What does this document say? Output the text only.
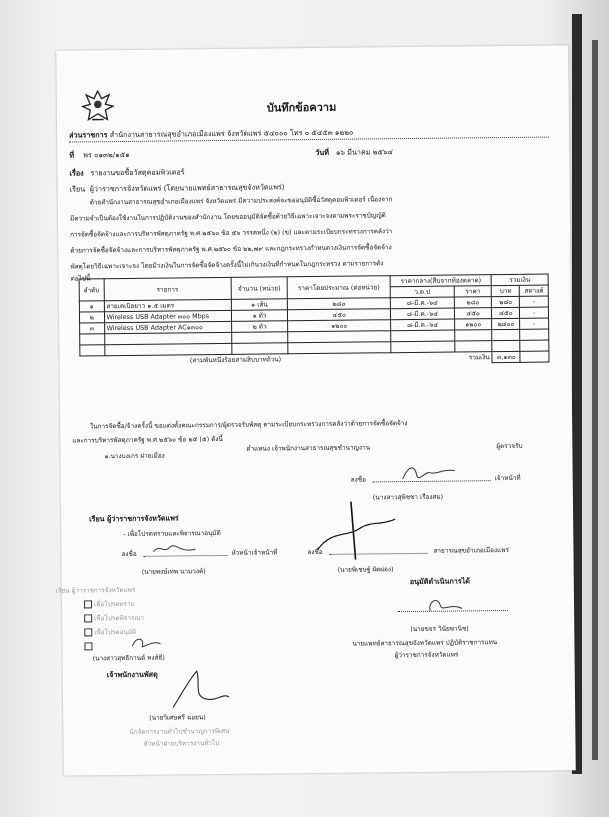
บันทึกข้อความ
ส่วนราชการ สำนักงานสาธารณสุขอำเภอเมืองแพร่ จังหวัดแพร่ ๕๔๐๐๐ โทร ๐ ๕๔๕๓ ๑๒๒๐
ที่ พร ๐๑๓๒/๑๕๑	วันที่ ๑๖ มีนาคม ๒๕๖๔
เรื่อง รายงานขอซื้อวัสดุคอมพิวเตอร์
เรียน ผู้ว่าราชการจังหวัดแพร่ (โดยนายแพทย์สาธารณสุขจังหวัดแพร่)
ด้วยสำนักงานสาธารณสุขอำเภอเมืองแพร่ จังหวัดแพร่ มีความประสงค์จะขออนุมัติซื้อวัสดุคอมพิวเตอร์ เนื่องจาก
มีความจำเป็นต้องใช้งานในการปฏิบัติงานของสำนักงาน โดยขออนุมัติจัดซื้อด้วยวิธีเฉพาะเจาะจงตามพระราชบัญญัติ
การจัดซื้อจัดจ้างและการบริหารพัสดุภาครัฐ พ.ศ.๒๕๖๐ ข้อ ๕๖ วรรคหนึ่ง (๒) (ข) และตามระเบียบกระทรวงการคลังว่า
ด้วยการจัดซื้อจัดจ้างและการบริหารพัสดุภาครัฐ พ.ศ.๒๕๖๐ ข้อ ๒๒,๗๙ และกฎกระทรวงกำหนดวงเงินการจัดซื้อจัดจ้าง
พัสดุโดยวิธีเฉพาะเจาะจง โดยมีวงเงินในการจัดซื้อจัดจ้างครั้งนี้ไม่เกินวงเงินที่กำหนดในกฎกระทรวง ตามรายการดัง
ต่อไปนี้
ลำดับ	รายการ	จำนวน (หน่วย)	ราคาโดยประมาณ (ต่อหน่วย)	ราคากลาง(สืบจากท้องตลาด)		รวมเงิน	
				ว.ด.ป	ราคา	บาท	สตางค์
๑	สายเคเบิลยาว ๑.๕ เมตร	๑ เส้น	๒๘๐	๘-มี.ค.-๖๔	๒๘๐	๒๘๐	-
๒	Wireless USB Adapter ๓๐๐ Mbps	๑ ตัว	๔๕๐	๘-มี.ค.-๖๔	๔๕๐	๔๕๐	-
๓	Wireless USB Adapter AC๑๓๐๐	๒ ตัว	๑๒๐๐	๘-มี.ค.-๖๔	๑๒๐๐	๒๔๐๐	-

(สามพันหนึ่งร้อยสามสิบบาทถ้วน)				รวมเงิน		๓,๑๓๐	
ในการจัดซื้อ/จ้างครั้งนี้ ขอแต่งตั้งคณะกรรมการ/ผู้ตรวจรับพัสดุ ตามระเบียบกระทรวงการคลังว่าด้วยการจัดซื้อจัดจ้าง
และการบริหารพัสดุภาครัฐ พ.ศ.๒๕๖๐ ข้อ ๒๕ (๕) ดังนี้
๑.นางบงเกร ฝายเมือง
ตำแหน่ง เจ้าพนักงานสาธารณสุขชำนาญงาน	ผู้ตรวจรับ
ลงชื่อ	เจ้าหน้าที่
(นางสาวสุพิชชา เรืองสม)
เรียน ผู้ว่าราชการจังหวัดแพร่
- เพื่อโปรดทราบและพิจารณาอนุมัติ
ลงชื่อ	หัวหน้าเจ้าหน้าที่
(นายพงษ์เทพ นามวงค์)
ลงชื่อ	สาธารณสุขอำเภอเมืองแพร่
(นายพิเชษฐ์ ผัดผ่อง)
อนุมัติดำเนินการได้
(นายขจร วินัยพานิช)
นายแพทย์สาธารณสุขจังหวัดแพร่ ปฏิบัติราชการแทน
ผู้ว่าราชการจังหวัดแพร่
เรียน ผู้ว่าราชการจังหวัดแพร่
เพื่อโปรดทราบ
เพื่อโปรดพิจารณา
เพื่อโปรดอนุมัติ
(นางสาวสุทธิกานต์ หงส์ธี)
เจ้าพนักงานพัสดุ
(นายวิเศษศรี ฉอยน)
นักจัดการงานทั่วไปชำนาญการพิเศษ
หัวหน้าฝ่ายบริหารงานทั่วไป
